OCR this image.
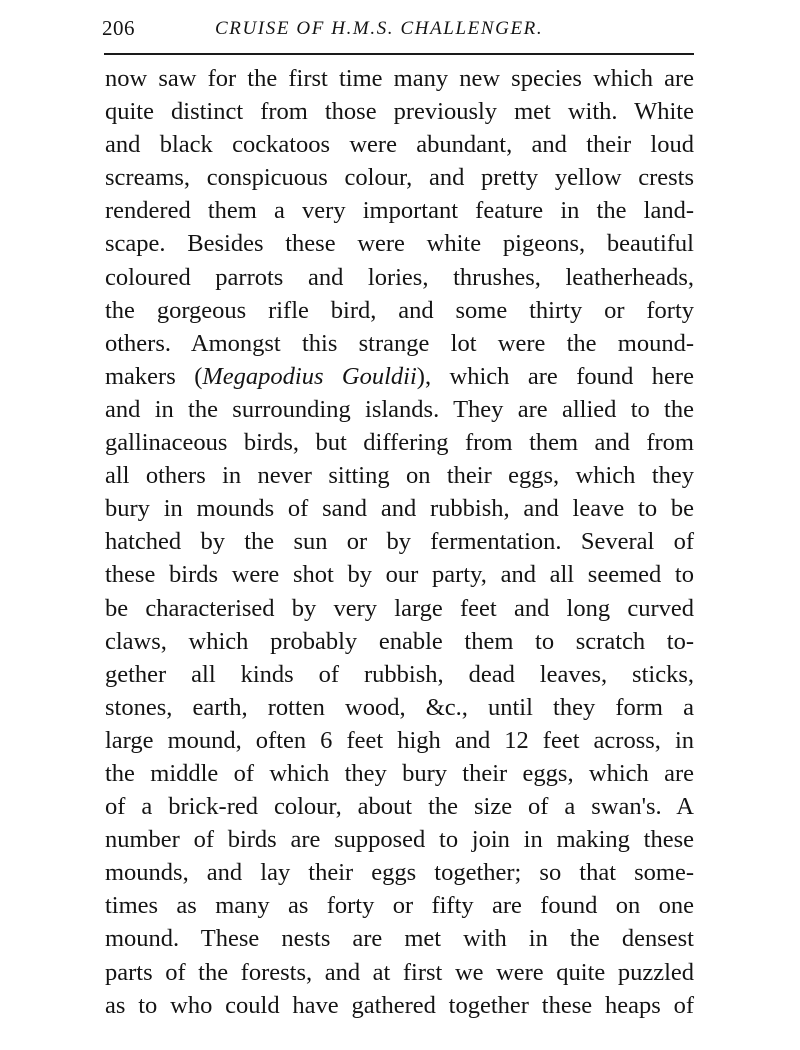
206	CRUISE OF H.M.S. CHALLENGER.
now saw for the first time many new species which are
quite distinct from those previously met with. White
and black cockatoos were abundant, and their loud
screams, conspicuous colour, and pretty yellow crests
rendered them a very important feature in the land-
scape. Besides these were white pigeons, beautiful
coloured parrots and lories, thrushes, leatherheads,
the gorgeous rifle bird, and some thirty or forty
others. Amongst this strange lot were the mound-
makers (Megapodius Gouldii), which are found here
and in the surrounding islands. They are allied to the
gallinaceous birds, but differing from them and from
all others in never sitting on their eggs, which they
bury in mounds of sand and rubbish, and leave to be
hatched by the sun or by fermentation. Several of
these birds were shot by our party, and all seemed to
be characterised by very large feet and long curved
claws, which probably enable them to scratch to-
gether all kinds of rubbish, dead leaves, sticks,
stones, earth, rotten wood, &c., until they form a
large mound, often 6 feet high and 12 feet across, in
the middle of which they bury their eggs, which are
of a brick-red colour, about the size of a swan's. A
number of birds are supposed to join in making these
mounds, and lay their eggs together; so that some-
times as many as forty or fifty are found on one
mound. These nests are met with in the densest
parts of the forests, and at first we were quite puzzled
as to who could have gathered together these heaps of
